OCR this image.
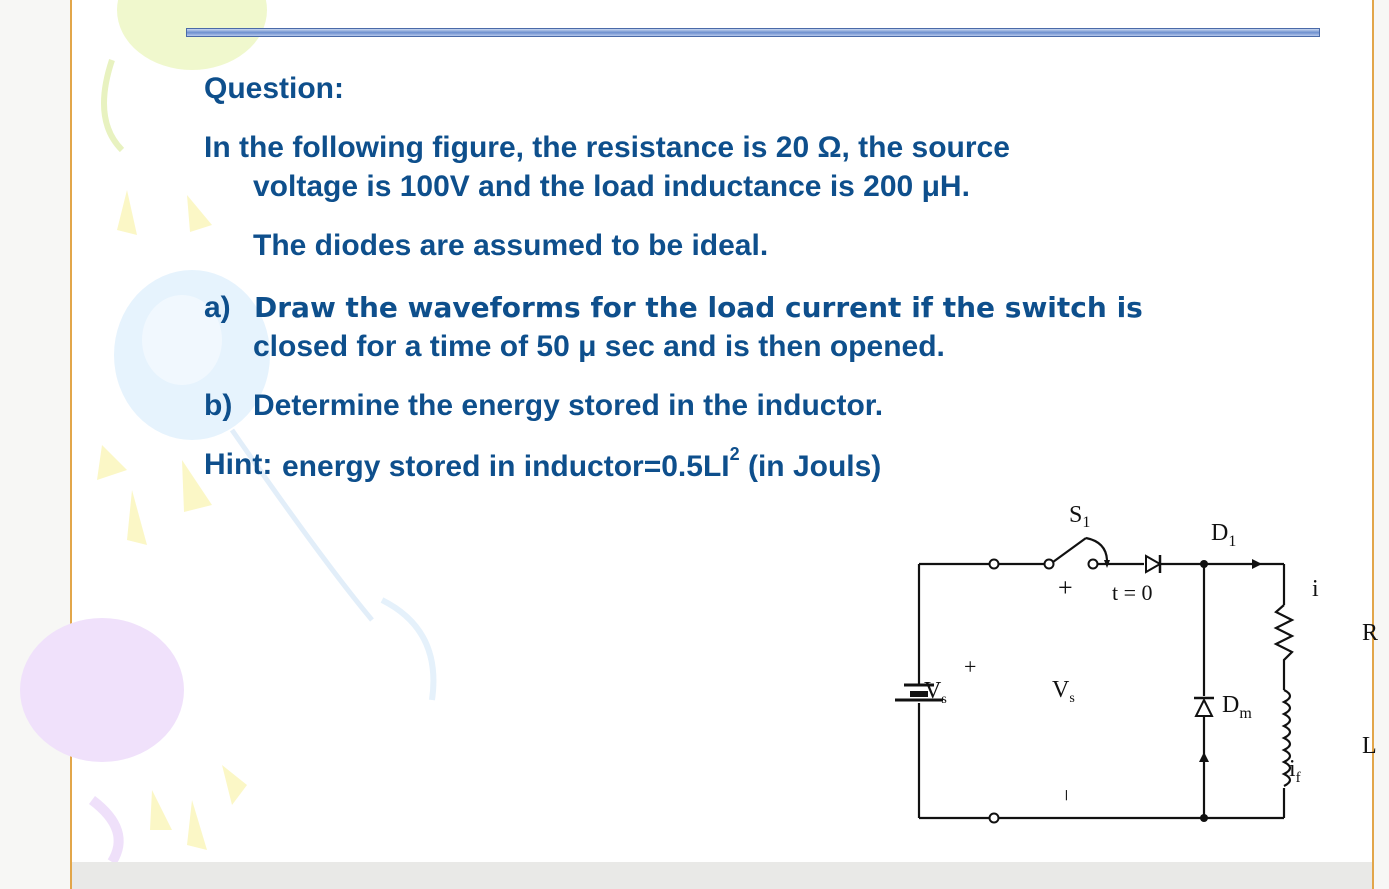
Question:
In the following figure, the resistance is 20 Ω, the source
voltage is 100V and the load inductance is 200 μH.
The diodes are assumed to be ideal.
a) Draw the waveforms for the load current if the switch is
closed for a time of 50 μ sec and is then opened.
b) Determine the energy stored in the inductor.
Hint: energy stored in $inductor=0.5LI^2$ (in Jouls)
$S_1$
t = 0
$D_1$
$D_m$
$V_s$	$V_s$
+
+
−
i
$i_f$
R
L
